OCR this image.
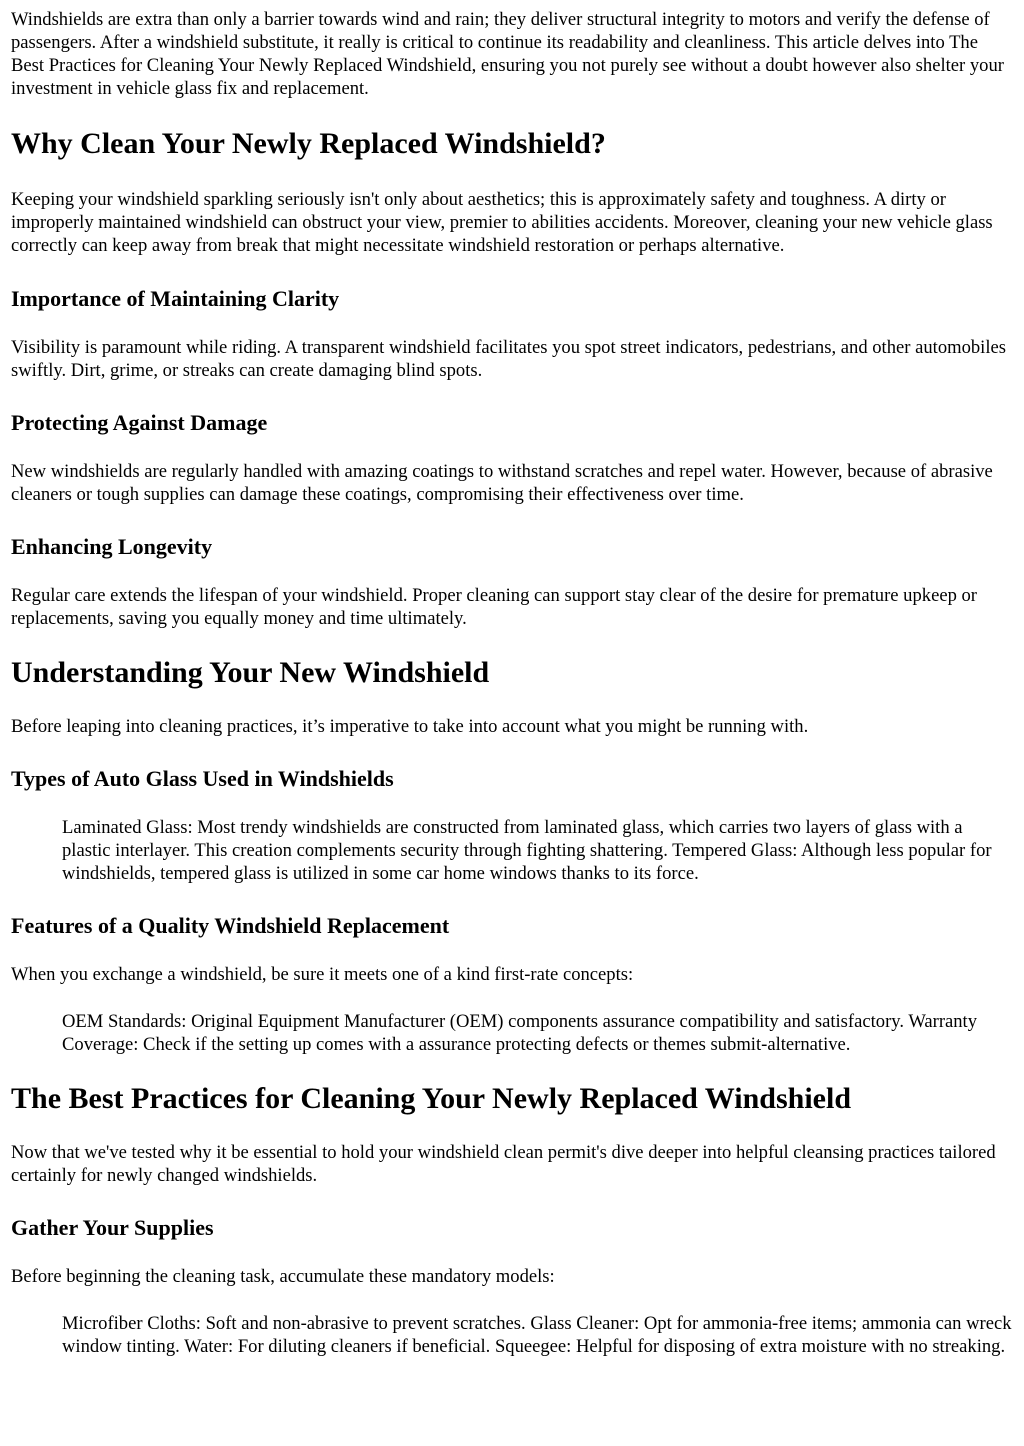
Windshields are extra than only a barrier towards wind and rain; they deliver structural integrity to motors and verify the defense of passengers. After a windshield substitute, it really is critical to continue its readability and cleanliness. This article delves into The Best Practices for Cleaning Your Newly Replaced Windshield, ensuring you not purely see without a doubt however also shelter your investment in vehicle glass fix and replacement.

Why Clean Your Newly Replaced Windshield?

Keeping your windshield sparkling seriously isn't only about aesthetics; this is approximately safety and toughness. A dirty or improperly maintained windshield can obstruct your view, premier to abilities accidents. Moreover, cleaning your new vehicle glass correctly can keep away from break that might necessitate windshield restoration or perhaps alternative.

Importance of Maintaining Clarity

Visibility is paramount while riding. A transparent windshield facilitates you spot street indicators, pedestrians, and other automobiles swiftly. Dirt, grime, or streaks can create damaging blind spots.

Protecting Against Damage

New windshields are regularly handled with amazing coatings to withstand scratches and repel water. However, because of abrasive cleaners or tough supplies can damage these coatings, compromising their effectiveness over time.

Enhancing Longevity

Regular care extends the lifespan of your windshield. Proper cleaning can support stay clear of the desire for premature upkeep or replacements, saving you equally money and time ultimately.

Understanding Your New Windshield

Before leaping into cleaning practices, it’s imperative to take into account what you might be running with.

Types of Auto Glass Used in Windshields
Laminated Glass: Most trendy windshields are constructed from laminated glass, which carries two layers of glass with a plastic interlayer. This creation complements security through fighting shattering. Tempered Glass: Although less popular for windshields, tempered glass is utilized in some car home windows thanks to its force.
Features of a Quality Windshield Replacement

When you exchange a windshield, be sure it meets one of a kind first-rate concepts:

OEM Standards: Original Equipment Manufacturer (OEM) components assurance compatibility and satisfactory. Warranty Coverage: Check if the setting up comes with a assurance protecting defects or themes submit-alternative.
The Best Practices for Cleaning Your Newly Replaced Windshield

Now that we've tested why it be essential to hold your windshield clean permit's dive deeper into helpful cleansing practices tailored certainly for newly changed windshields.

Gather Your Supplies

Before beginning the cleaning task, accumulate these mandatory models:

Microfiber Cloths: Soft and non-abrasive to prevent scratches. Glass Cleaner: Opt for ammonia-free items; ammonia can wreck window tinting. Water: For diluting cleaners if beneficial. Squeegee: Helpful for disposing of extra moisture with no streaking.
